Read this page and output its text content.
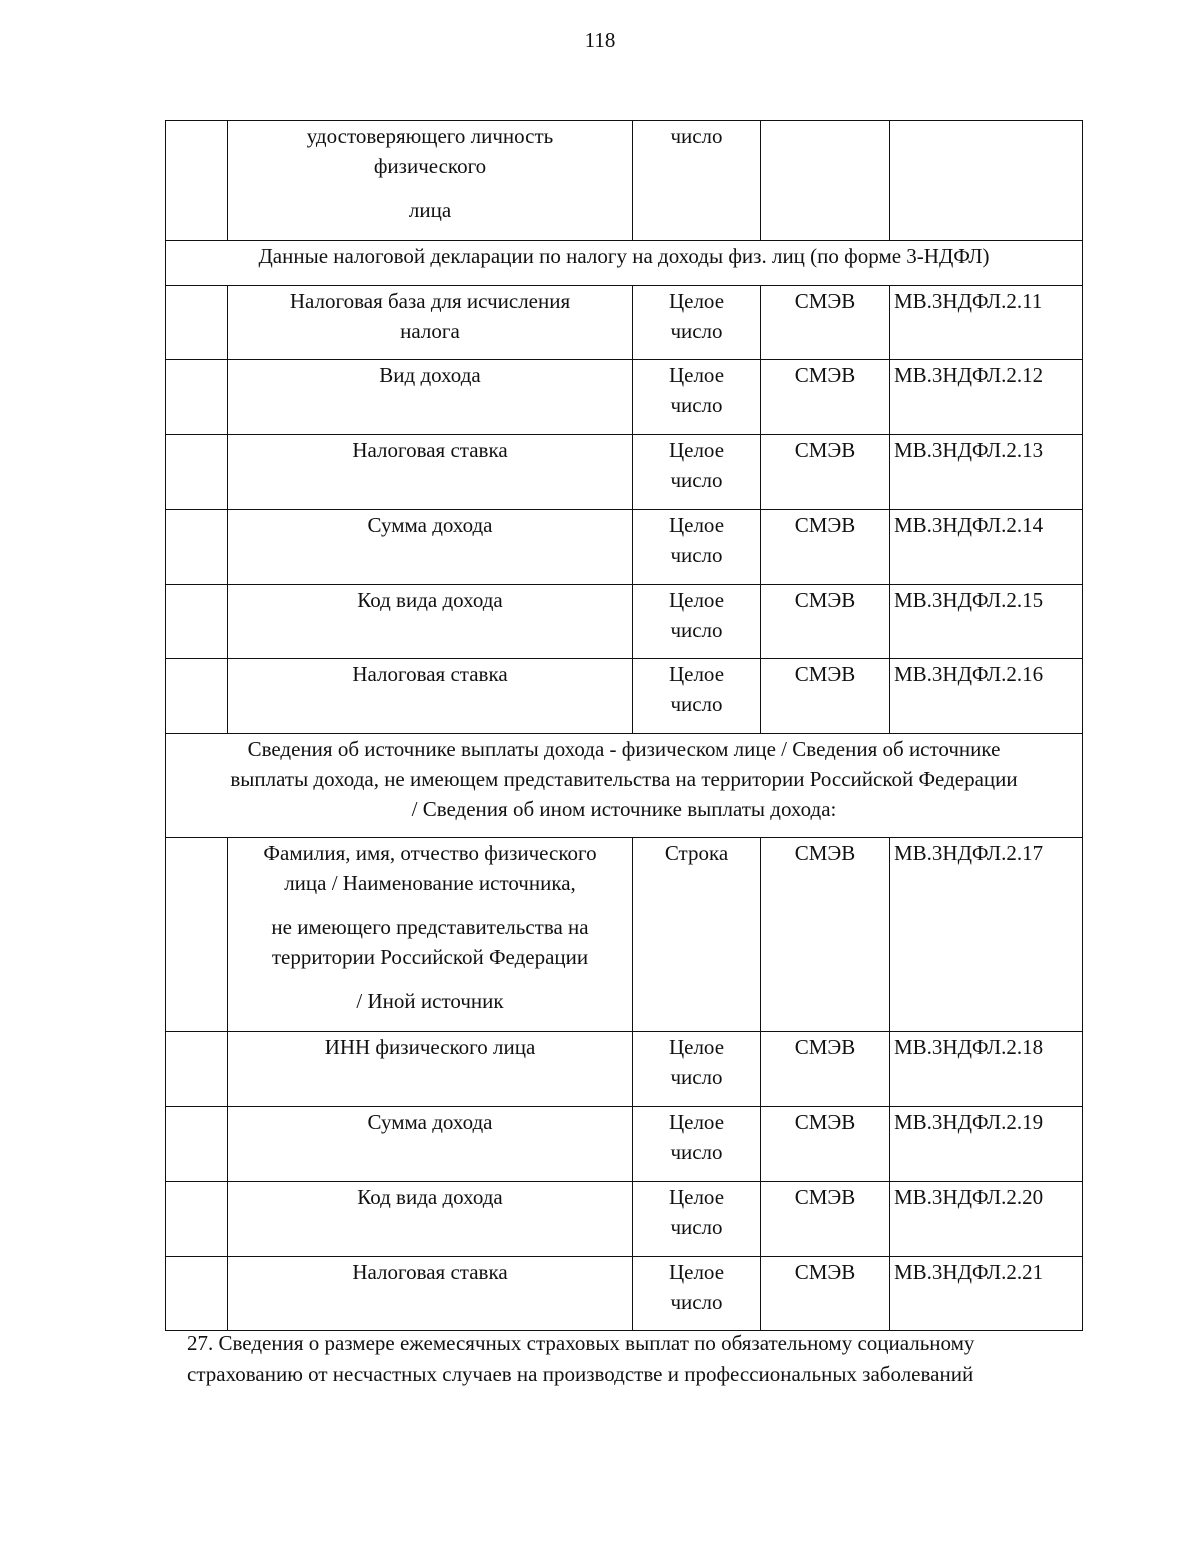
118

	удостоверяющего личность
физического
лица	число		
Данные налоговой декларации по налогу на доходы физ. лиц (по форме 3-НДФЛ)				

	Налоговая база для исчисления
налога	Целое
число	СМЭВ	МВ.3НДФЛ.2.11
	Вид дохода	Целое
число	СМЭВ	МВ.3НДФЛ.2.12
	Налоговая ставка	Целое
число	СМЭВ	МВ.3НДФЛ.2.13
	Сумма дохода	Целое
число	СМЭВ	МВ.3НДФЛ.2.14
	Код вида дохода	Целое
число	СМЭВ	МВ.3НДФЛ.2.15
	Налоговая ставка	Целое
число	СМЭВ	МВ.3НДФЛ.2.16

Сведения об источнике выплаты дохода - физическом лице / Сведения об источнике
выплаты дохода, не имеющем представительства на территории Российской Федерации
/ Сведения об ином источнике выплаты дохода:				

	Фамилия, имя, отчество физического
лица / Наименование источника,
не имеющего представительства на
территории Российской Федерации
/ Иной источник	Строка	СМЭВ	МВ.3НДФЛ.2.17
	ИНН физического лица	Целое
число	СМЭВ	МВ.3НДФЛ.2.18
	Сумма дохода	Целое
число	СМЭВ	МВ.3НДФЛ.2.19
	Код вида дохода	Целое
число	СМЭВ	МВ.3НДФЛ.2.20
	Налоговая ставка	Целое
число	СМЭВ	МВ.3НДФЛ.2.21
27. Сведения о размере ежемесячных страховых выплат по обязательному социальному
страхованию от несчастных случаев на производстве и профессиональных заболеваний
